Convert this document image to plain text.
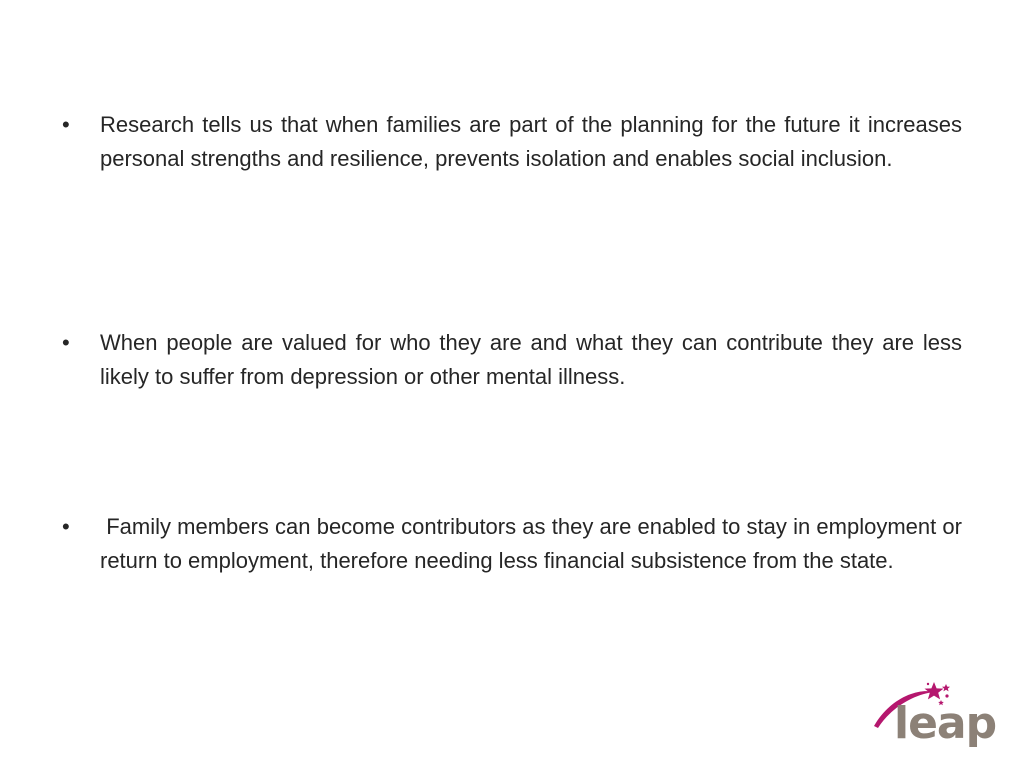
• Research tells us that when families are part of the planning for the future it increases personal strengths and resilience, prevents isolation and enables social inclusion.
• When people are valued for who they are and what they can contribute they are less likely to suffer from depression or other mental illness.
• Family members can become contributors as they are enabled to stay in employment or return to employment, therefore needing less financial subsistence from the state.
leap
